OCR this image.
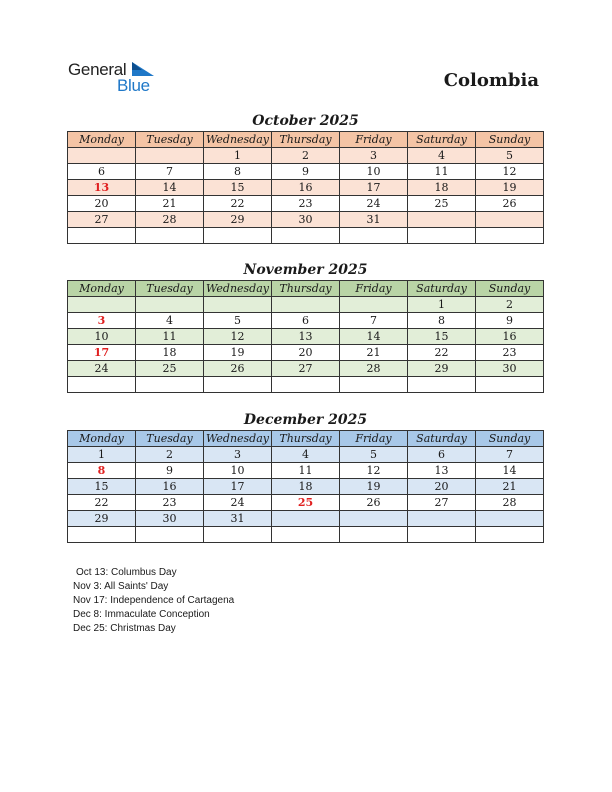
General
Blue	Colombia
October 2025
Monday	Tuesday	Wednesday	Thursday	Friday	Saturday	Sunday
		1	2	3	4	5
6	7	8	9	10	11	12
13	14	15	16	17	18	19
20	21	22	23	24	25	26
27	28	29	30	31		

November 2025
Monday	Tuesday	Wednesday	Thursday	Friday	Saturday	Sunday
					1	2
3	4	5	6	7	8	9
10	11	12	13	14	15	16
17	18	19	20	21	22	23
24	25	26	27	28	29	30

December 2025
Monday	Tuesday	Wednesday	Thursday	Friday	Saturday	Sunday
1	2	3	4	5	6	7
8	9	10	11	12	13	14
15	16	17	18	19	20	21
22	23	24	25	26	27	28
29	30	31				

Oct 13: Columbus Day
Nov 3: All Saints' Day
Nov 17: Independence of Cartagena
Dec 8: Immaculate Conception
Dec 25: Christmas Day
